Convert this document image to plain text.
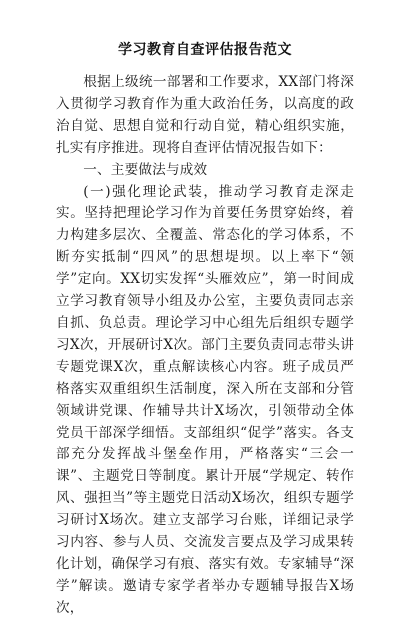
学习教育自查评估报告范文

根据上级统一部署和工作要求，XX部门将深入贯彻学习教育作为重大政治任务，以高度的政治自觉、思想自觉和行动自觉，精心组织实施，扎实有序推进。现将自查评估情况报告如下：

一、主要做法与成效

(一)强化理论武装，推动学习教育走深走实。坚持把理论学习作为首要任务贯穿始终，着力构建多层次、全覆盖、常态化的学习体系，不断夯实抵制“四风”的思想堤坝。以上率下“领学”定向。XX切实发挥“头雁效应”，第一时间成立学习教育领导小组及办公室，主要负责同志亲自抓、负总责。理论学习中心组先后组织专题学习X次，开展研讨X次。部门主要负责同志带头讲专题党课X次，重点解读核心内容。班子成员严格落实双重组织生活制度，深入所在支部和分管领域讲党课、作辅导共计X场次，引领带动全体党员干部深学细悟。支部组织“促学”落实。各支部充分发挥战斗堡垒作用，严格落实“三会一课”、主题党日等制度。累计开展“学规定、转作风、强担当”等主题党日活动X场次，组织专题学习研讨X场次。建立支部学习台账，详细记录学习内容、参与人员、交流发言要点及学习成果转化计划，确保学习有痕、落实有效。专家辅导“深学”解读。邀请专家学者举办专题辅导报告X场次，
